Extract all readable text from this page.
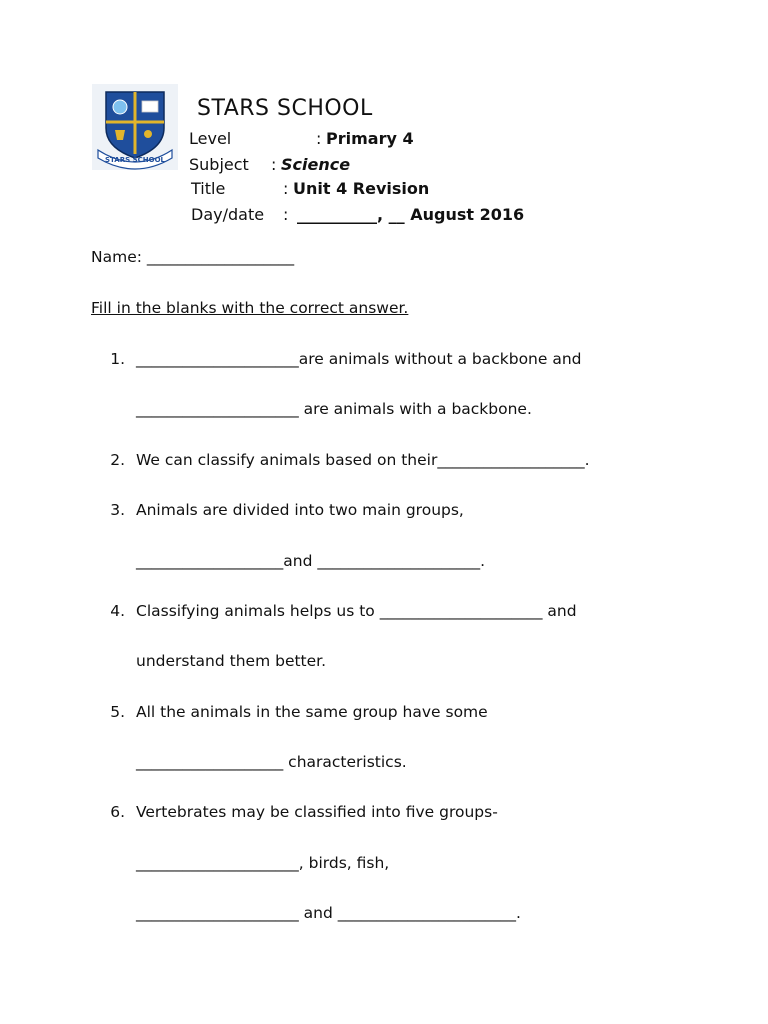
STARS SCHOOL
STARS SCHOOL
Level	: Primary 4
Subject : Science
Title	: Unit 4 Revision
Day/date : __________, __ August 2016
Name: ___________________
Fill in the blanks with the correct answer.
1. _____________________are animals without a backbone and
_____________________ are animals with a backbone.
2. We can classify animals based on their___________________.
3. Animals are divided into two main groups,
___________________and _____________________.
4. Classifying animals helps us to _____________________ and
understand them better.
5. All the animals in the same group have some
___________________ characteristics.
6. Vertebrates may be classified into five groups-
_____________________, birds, fish,
_____________________ and _______________________.
